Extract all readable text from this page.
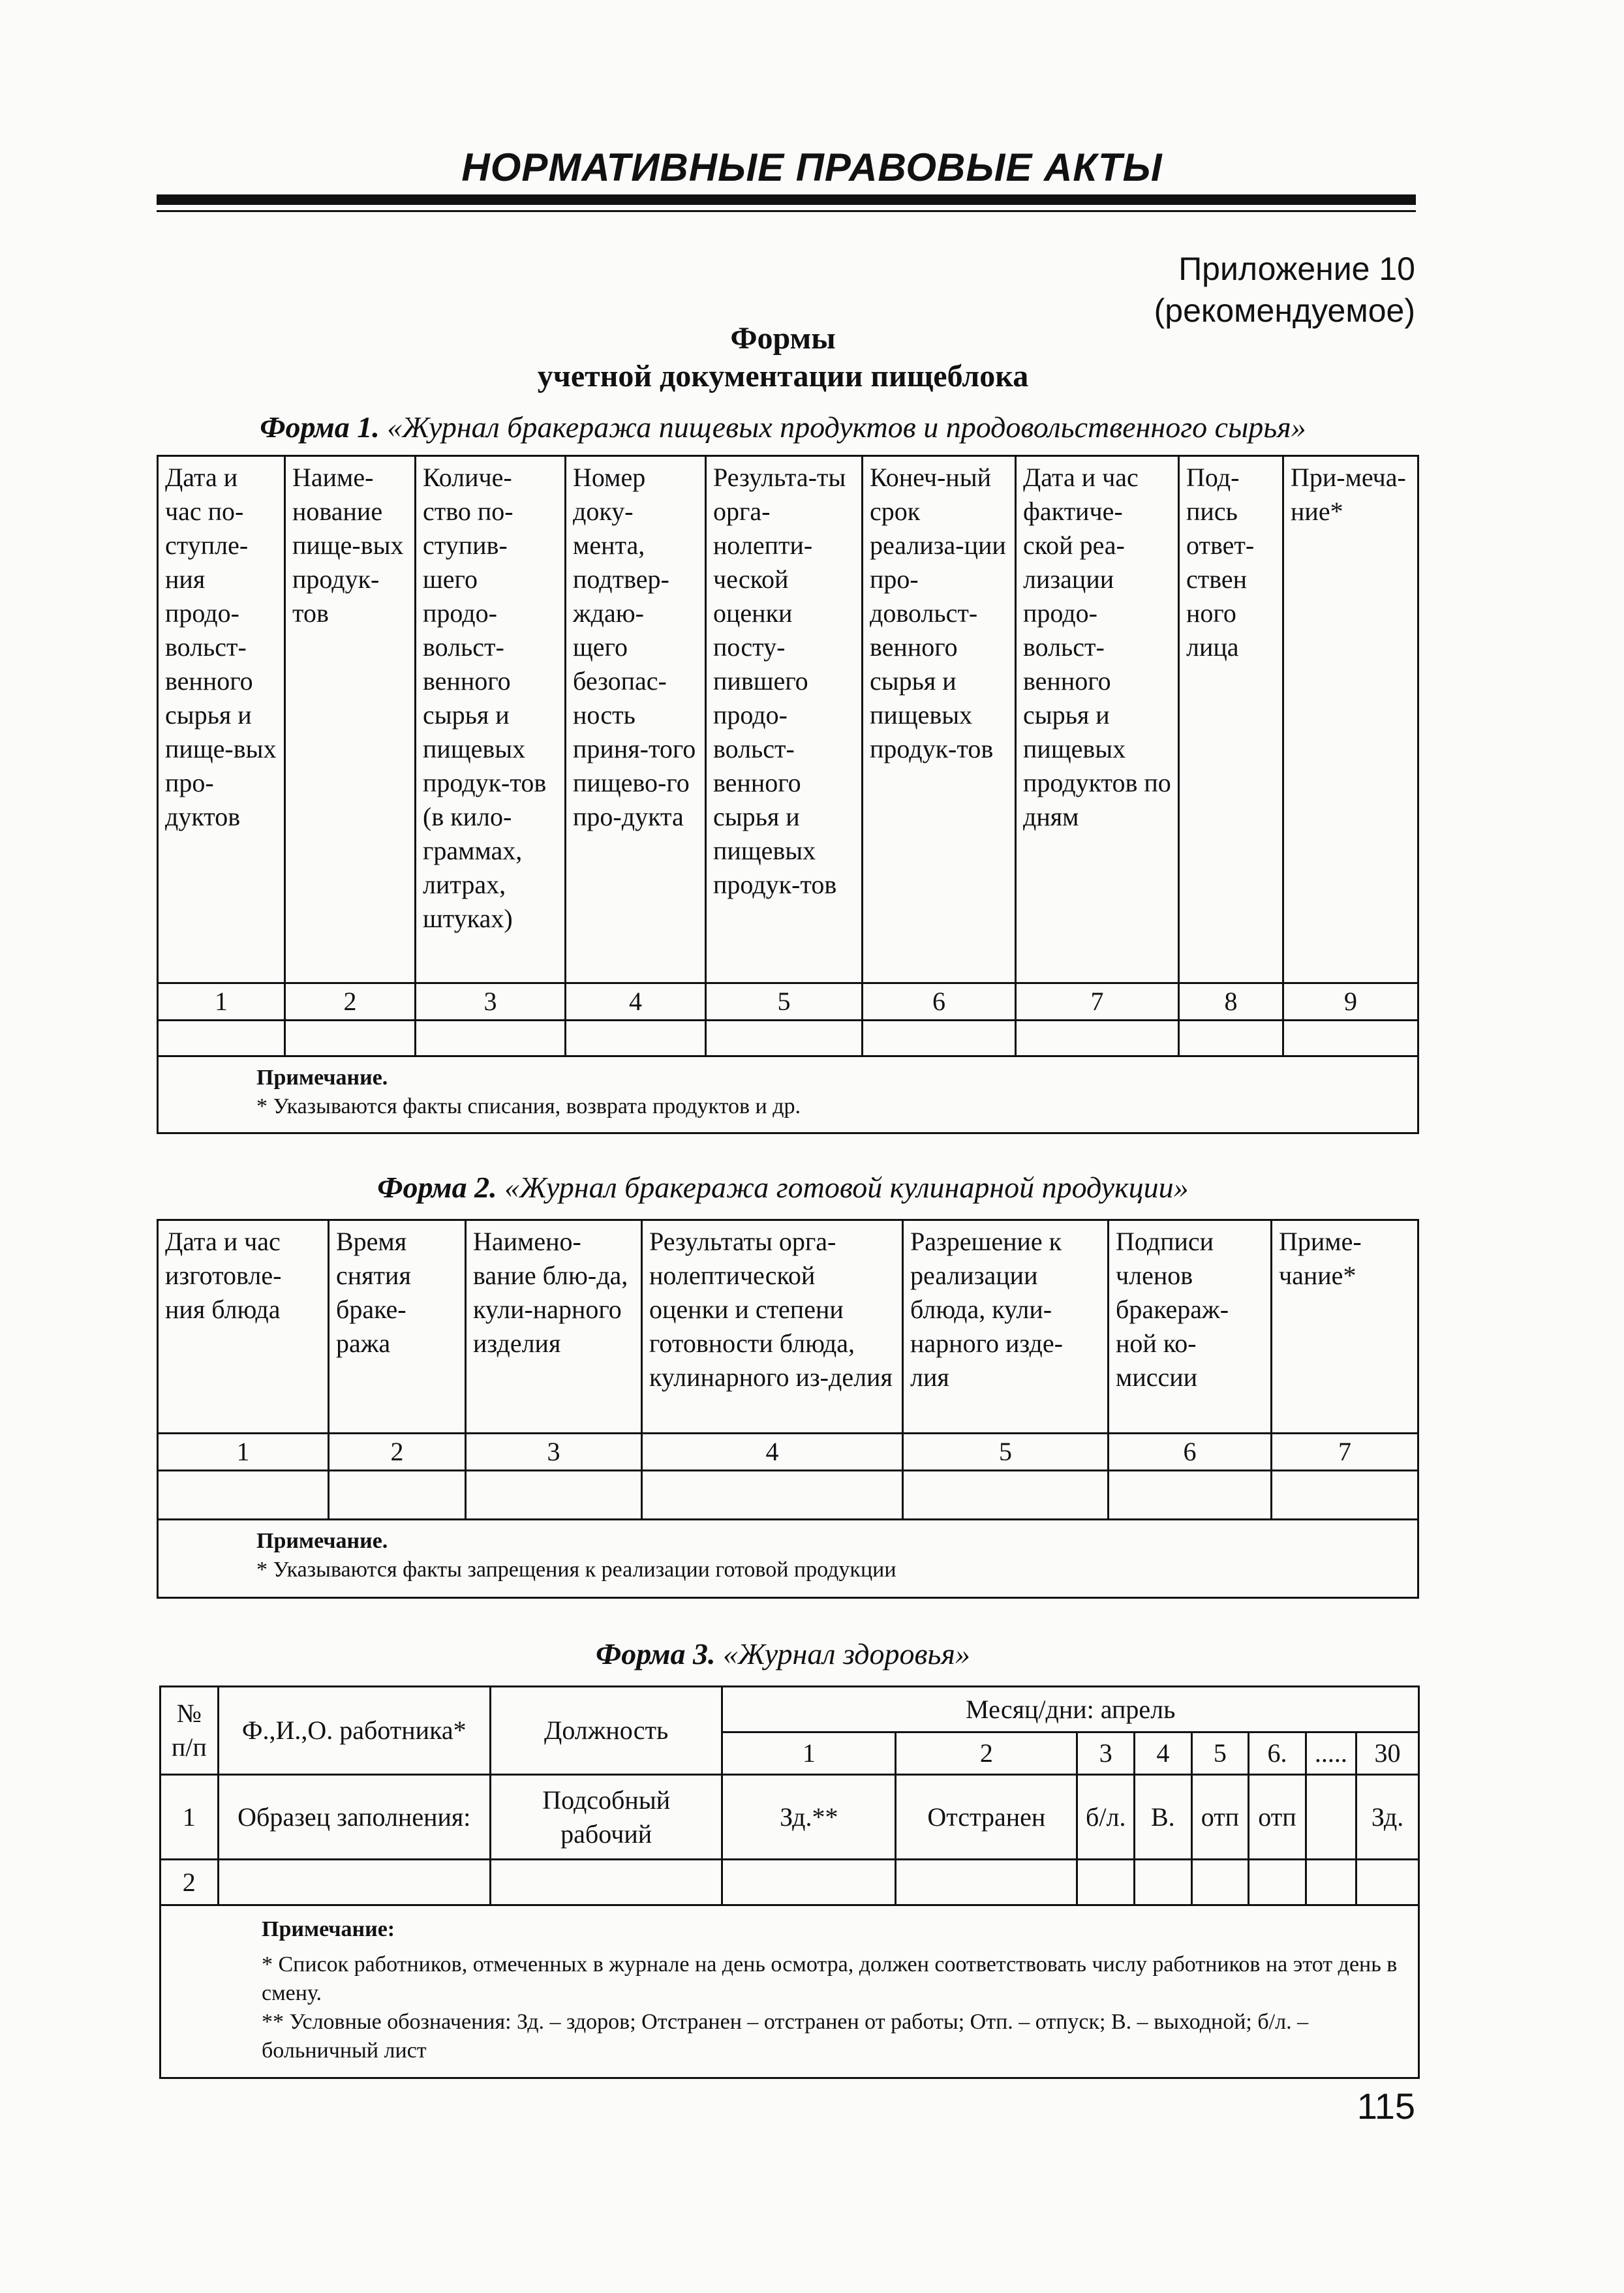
НОРМАТИВНЫЕ ПРАВОВЫЕ АКТЫ
Приложение 10
(рекомендуемое)
Формы
учетной документации пищеблока
Форма 1. «Журнал бракеража пищевых продуктов и продовольственного сырья»
Дата и час по-ступле-ния продо-вольст-венного сырья и пище-вых про-дуктов	Наиме-нование пище-вых продук-тов	Количе-ство по-ступив-шего продо-вольст-венного сырья и пищевых продук-тов (в кило-граммах, литрах, штуках)	Номер доку-мента, подтвер-ждаю-щего безопас-ность приня-того пищево-го про-дукта	Результа-ты орга-нолепти-ческой оценки посту-пившего продо-вольст-венного сырья и пищевых продук-тов	Конеч-ный срок реализа-ции про-довольст-венного сырья и пищевых продук-тов	Дата и час фактиче-ской реа-лизации продо-вольст-венного сырья и пищевых продуктов по дням	Под-пись ответ-ствен ного лица	При-меча-ние*
1	2	3	4	5	6	7	8	9

Примечание.
* Указываются факты списания, возврата продуктов и др.								
Форма 2. «Журнал бракеража готовой кулинарной продукции»
Дата и час изготовле-ния блюда	Время снятия браке-ража	Наимено-вание блю-да, кули-нарного изделия	Результаты орга-нолептической оценки и степени готовности блюда, кулинарного из-делия	Разрешение к реализации блюда, кули-нарного изде-лия	Подписи членов бракераж-ной ко-миссии	Приме-чание*
1	2	3	4	5	6	7

Примечание.
* Указываются факты запрещения к реализации готовой продукции						
Форма 3. «Журнал здоровья»
№ п/п	Ф.,И.,О. работника*	Должность	Месяц/дни: апрель							
			1	2	3	4	5	6.	.....	30
1	Образец заполнения:	Подсобный рабочий	Зд.**	Отстранен	б/л.	В.	отп	отп		Зд.
2										

Примечание:
* Список работников, отмеченных в журнале на день осмотра, должен соответствовать числу работников на этот день в смену.
** Условные обозначения: Зд. – здоров; Отстранен – отстранен от работы; Отп. – отпуск; В. – выходной; б/л. – больничный лист										
115
